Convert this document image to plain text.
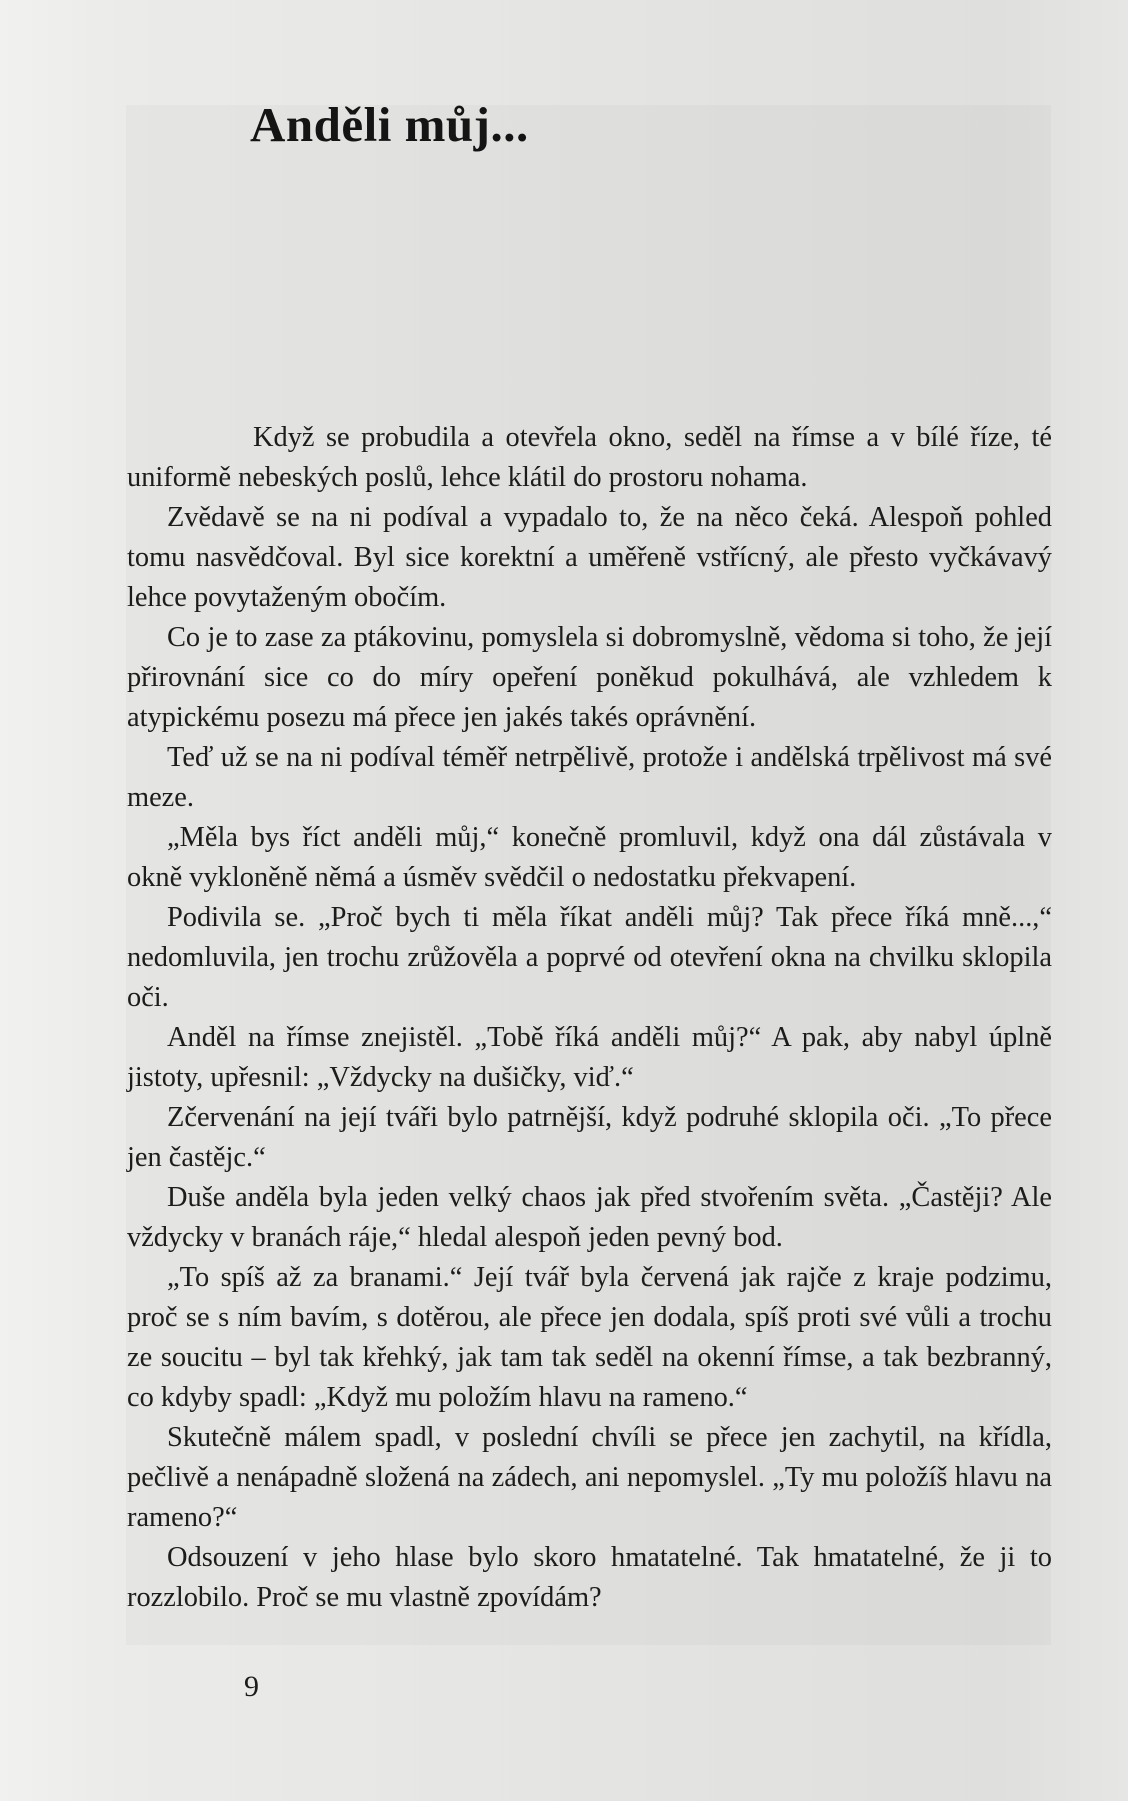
Anděli můj...

Když se probudila a otevřela okno, seděl na římse a v bílé říze, té uniformě nebeských poslů, lehce klátil do prostoru nohama.

Zvědavě se na ni podíval a vypadalo to, že na něco čeká. Alespoň pohled tomu nasvědčoval. Byl sice korektní a uměřeně vstřícný, ale přesto vyčkávavý lehce povytaženým obočím.

Co je to zase za ptákovinu, pomyslela si dobromyslně, vědoma si toho, že její přirovnání sice co do míry opeření poněkud pokulhává, ale vzhledem k atypickému posezu má přece jen jakés takés oprávnění.

Teď už se na ni podíval téměř netrpělivě, protože i andělská trpělivost má své meze.

„Měla bys říct anděli můj,“ konečně promluvil, když ona dál zůstávala v okně vykloněně němá a úsměv svědčil o nedostatku překvapení.

Podivila se. „Proč bych ti měla říkat anděli můj? Tak přece říká mně...,“ nedomluvila, jen trochu zrůžověla a poprvé od otevření okna na chvilku sklopila oči.

Anděl na římse znejistěl. „Tobě říká anděli můj?“ A pak, aby nabyl úplně jistoty, upřesnil: „Vždycky na dušičky, viď.“

Zčervenání na její tváři bylo patrnější, když podruhé sklopila oči. „To přece jen častějc.“

Duše anděla byla jeden velký chaos jak před stvořením světa. „Častěji? Ale vždycky v branách ráje,“ hledal alespoň jeden pevný bod.

„To spíš až za branami.“ Její tvář byla červená jak rajče z kraje podzimu, proč se s ním bavím, s dotěrou, ale přece jen dodala, spíš proti své vůli a trochu ze soucitu – byl tak křehký, jak tam tak seděl na okenní římse, a tak bezbranný, co kdyby spadl: „Když mu položím hlavu na rameno.“

Skutečně málem spadl, v poslední chvíli se přece jen zachytil, na křídla, pečlivě a nenápadně složená na zádech, ani nepomyslel. „Ty mu položíš hlavu na rameno?“

Odsouzení v jeho hlase bylo skoro hmatatelné. Tak hmatatelné, že ji to rozzlobilo. Proč se mu vlastně zpovídám?

9
